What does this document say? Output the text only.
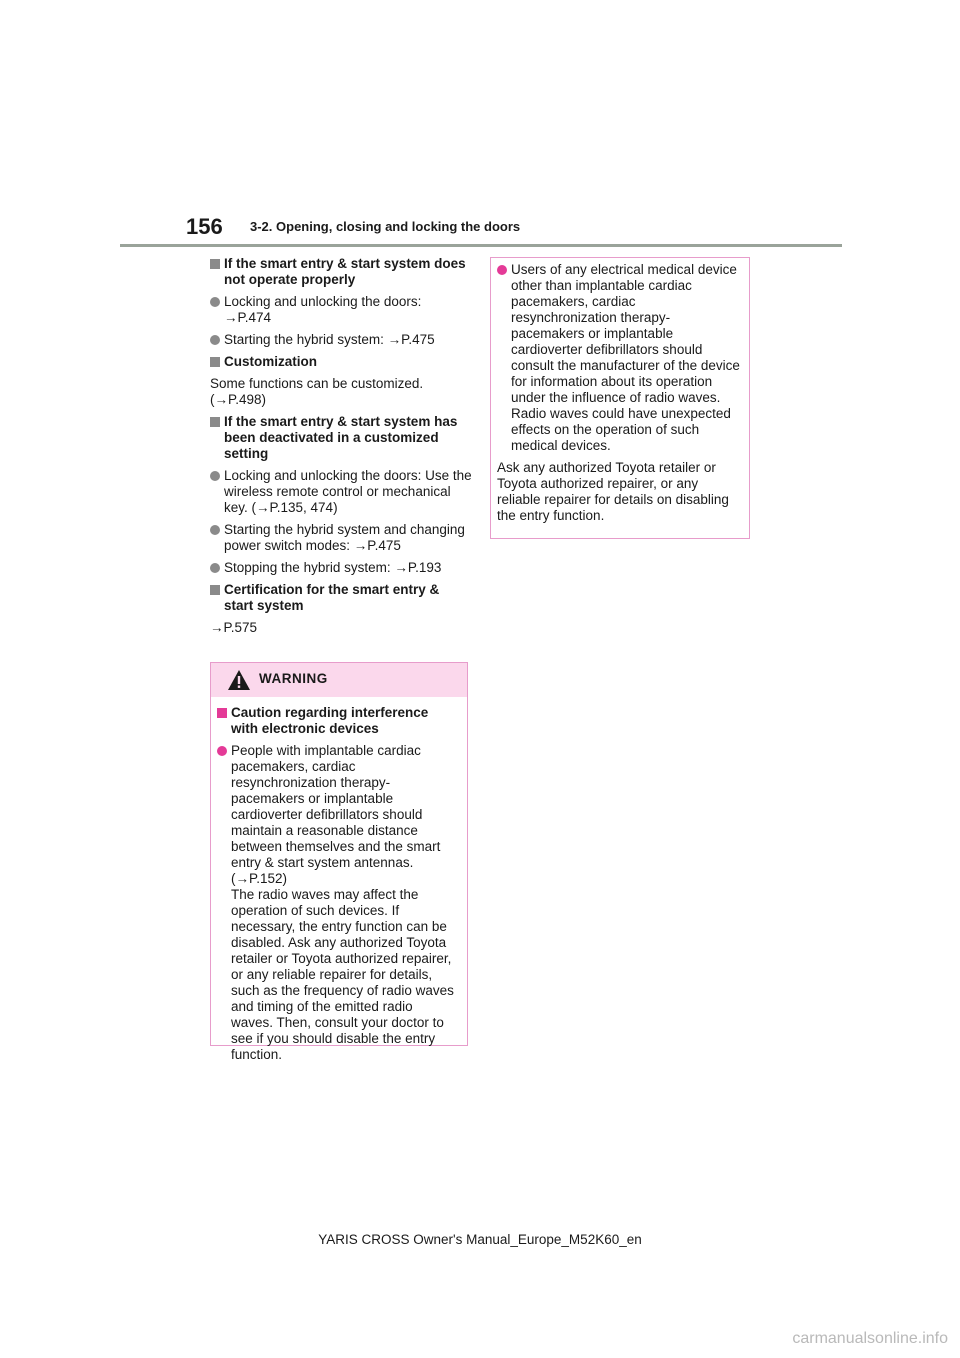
156 3-2. Opening, closing and locking the doors
If the smart entry & start system does not operate properly
Locking and unlocking the doors: →P.474
Starting the hybrid system: →P.475
Customization
Some functions can be customized. (→P.498)
If the smart entry & start system has been deactivated in a customized setting
Locking and unlocking the doors: Use the wireless remote control or mechanical key. (→P.135, 474)
Starting the hybrid system and changing power switch modes: →P.475
Stopping the hybrid system: →P.193
Certification for the smart entry & start system
→P.575
WARNING
Caution regarding interference with electronic devices
People with implantable cardiac pacemakers, cardiac resynchronization therapy-pacemakers or implantable cardioverter defibrillators should maintain a reasonable distance between themselves and the smart entry & start system antennas. (→P.152)
The radio waves may affect the operation of such devices. If necessary, the entry function can be disabled. Ask any authorized Toyota retailer or Toyota authorized repairer, or any reliable repairer for details, such as the frequency of radio waves and timing of the emitted radio waves. Then, consult your doctor to see if you should disable the entry function.
Users of any electrical medical device other than implantable cardiac pacemakers, cardiac resynchronization therapy-pacemakers or implantable cardioverter defibrillators should consult the manufacturer of the device for information about its operation under the influence of radio waves.
Radio waves could have unexpected effects on the operation of such medical devices.
Ask any authorized Toyota retailer or Toyota authorized repairer, or any reliable repairer for details on disabling the entry function.
YARIS CROSS Owner's Manual_Europe_M52K60_en
carmanualsonline.info
